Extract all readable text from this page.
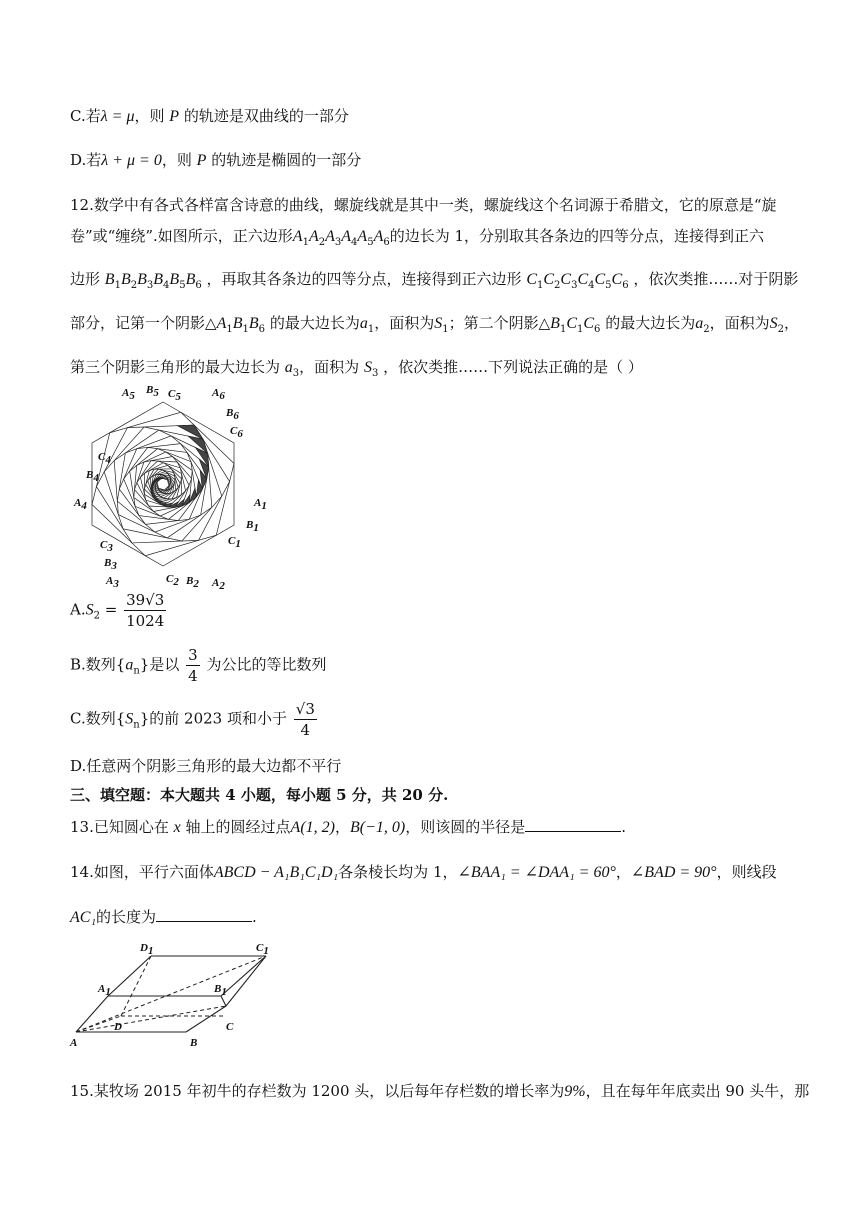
C.若λ = μ，则 P 的轨迹是双曲线的一部分
D.若λ + μ = 0，则 P 的轨迹是椭圆的一部分
12.数学中有各式各样富含诗意的曲线，螺旋线就是其中一类，螺旋线这个名词源于希腊文，它的原意是“旋
卷”或“缠绕”.如图所示，正六边形$A_1A_2A_3A_4A_5A_6$的边长为 1，分别取其各条边的四等分点，连接得到正六
边形 $B_1B_2B_3B_4B_5B_6$ ，再取其各条边的四等分点，连接得到正六边形 $C_1C_2C_3C_4C_5C_6$ ，依次类推……对于阴影
部分，记第一个阴影$\triangle A_1B_1B_6$ 的最大边长为$a_1$，面积为$S_1$；第二个阴影$\triangle B_1C_1C_6$ 的最大边长为$a_2$，面积为$S_2$，
第三个阴影三角形的最大边长为 $a_3$，面积为 $S_3$ ，依次类推……下列说法正确的是（ ）
A5 B5 C5	A6
B6
C6
C4
B4
A4	A1
B1
C1
C3
B3
A3	C2 B2 A2
$A.S_2 = \frac{39√3}{1024}$
B.数列$\{a_n\}$是以 $\frac{3}{4}$ 为公比的等比数列
C.数列$\{S_n\}$的前 2023 项和小于 $\frac{√3}{4}$
D.任意两个阴影三角形的最大边都不平行
三、填空题：本大题共 4 小题，每小题 5 分，共 20 分.
13.已知圆心在 x 轴上的圆经过点A(1, 2)，B(−1, 0)，则该圆的半径是	.
14.如图，平行六面体ABCD − A₁B₁C₁D₁各条棱长均为 1，∠BAA₁ = ∠DAA₁ = 60°，∠BAD = 90°，则线段
AC₁的长度为	.
D1	C1
A1	B1
D	C
A	B
15.某牧场 2015 年初牛的存栏数为 1200 头，以后每年存栏数的增长率为9%，且在每年年底卖出 90 头牛，那
